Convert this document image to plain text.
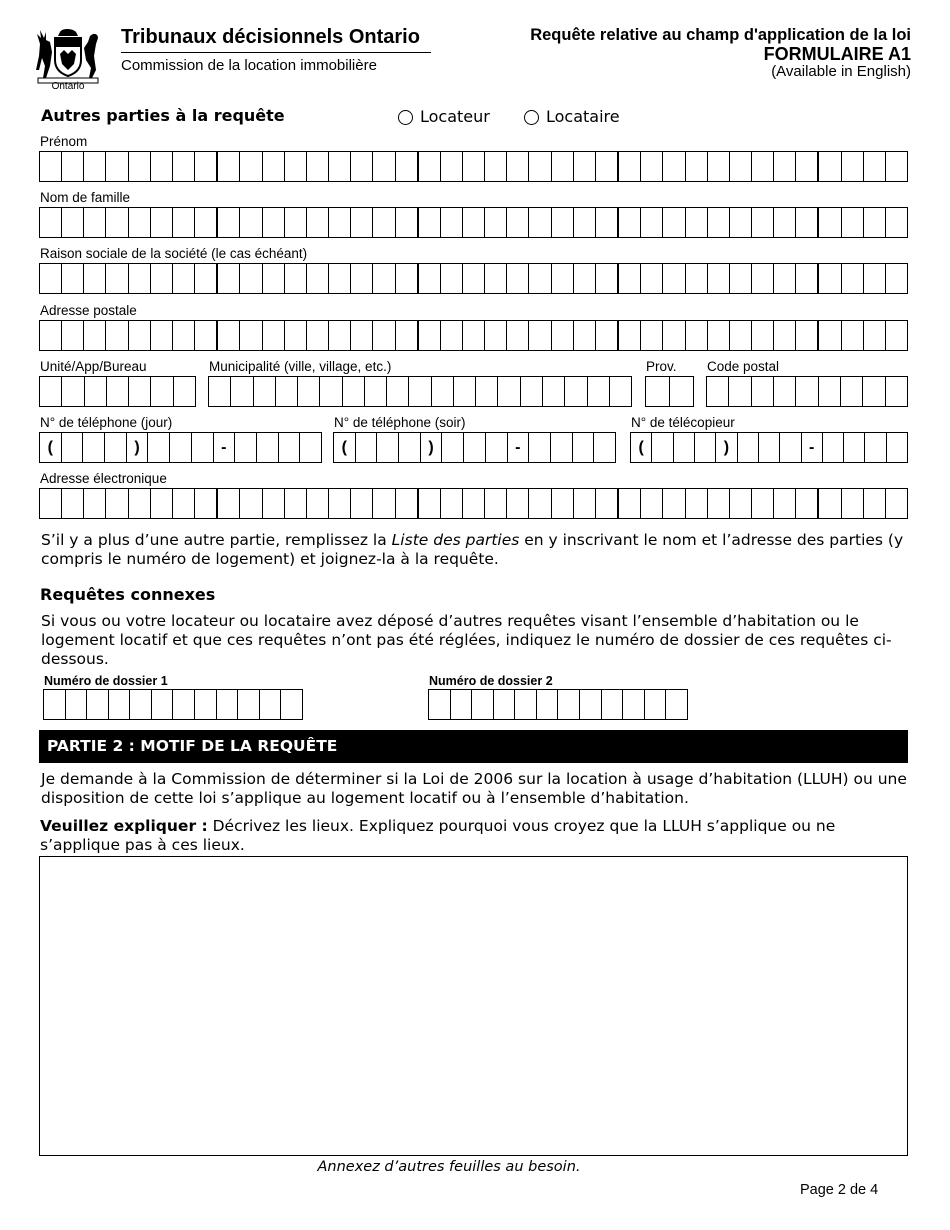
Ontario
Tribunaux décisionnels Ontario
Commission de la location immobilière
Requête relative au champ d'application de la loi
FORMULAIRE A1
(Available in English)
Autres parties à la requête	Locateur	Locataire
Prénom
Nom de famille
Raison sociale de la société (le cas échéant)
Adresse postale
Unité/App/Bureau	Municipalité (ville, village, etc.)	Prov. Code postal
N° de téléphone (jour)	N° de téléphone (soir)	N° de télécopieur
(	)	-	(	)	-	(	)	-
Adresse électronique
S’il y a plus d’une autre partie, remplissez la Liste des parties en y inscrivant le nom et l’adresse des parties (y compris le numéro de logement) et joignez-la à la requête.
Requêtes connexes
Si vous ou votre locateur ou locataire avez déposé d’autres requêtes visant l’ensemble d’habitation ou le logement locatif et que ces requêtes n’ont pas été réglées, indiquez le numéro de dossier de ces requêtes ci-dessous.
Numéro de dossier 1	Numéro de dossier 2
PARTIE 2 : MOTIF DE LA REQUÊTE
Je demande à la Commission de déterminer si la Loi de 2006 sur la location à usage d’habitation (LLUH) ou une disposition de cette loi s’applique au logement locatif ou à l’ensemble d’habitation.
Veuillez expliquer : Décrivez les lieux. Expliquez pourquoi vous croyez que la LLUH s’applique ou ne s’applique pas à ces lieux.
Annexez d’autres feuilles au besoin.
Page 2 de 4
